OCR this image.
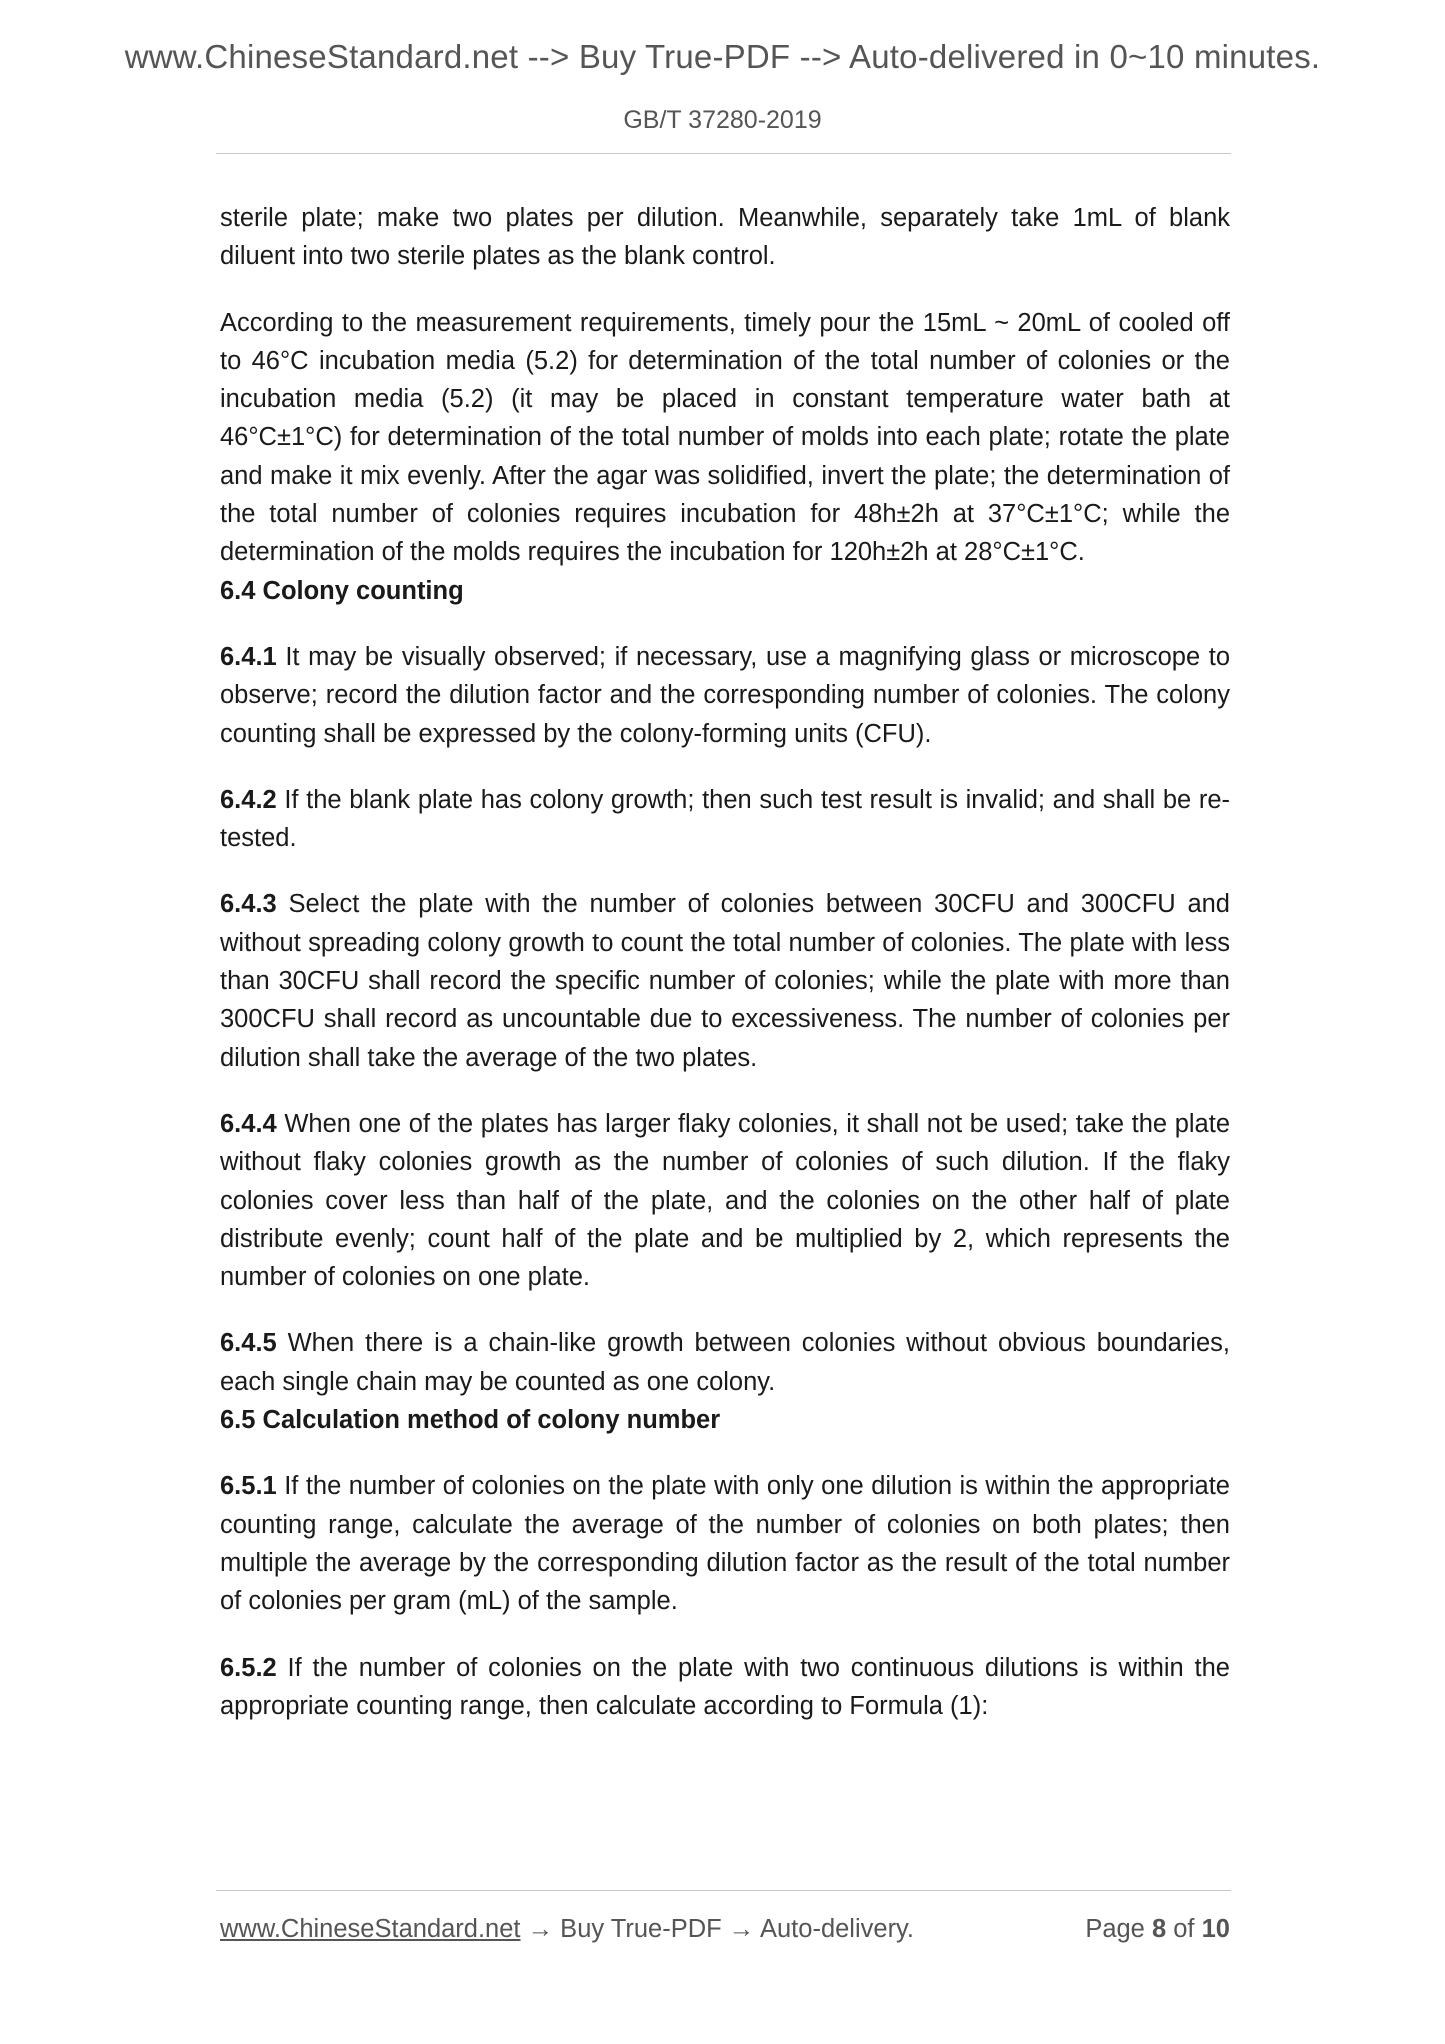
www.ChineseStandard.net --> Buy True-PDF --> Auto-delivered in 0~10 minutes.
GB/T 37280-2019

sterile plate; make two plates per dilution. Meanwhile, separately take 1mL of blank diluent into two sterile plates as the blank control.

According to the measurement requirements, timely pour the 15mL ~ 20mL of cooled off to 46°C incubation media (5.2) for determination of the total number of colonies or the incubation media (5.2) (it may be placed in constant temperature water bath at 46°C±1°C) for determination of the total number of molds into each plate; rotate the plate and make it mix evenly. After the agar was solidified, invert the plate; the determination of the total number of colonies requires incubation for 48h±2h at 37°C±1°C; while the determination of the molds requires the incubation for 120h±2h at 28°C±1°C.

6.4 Colony counting

6.4.1 It may be visually observed; if necessary, use a magnifying glass or microscope to observe; record the dilution factor and the corresponding number of colonies. The colony counting shall be expressed by the colony-forming units (CFU).

6.4.2 If the blank plate has colony growth; then such test result is invalid; and shall be re-tested.

6.4.3 Select the plate with the number of colonies between 30CFU and 300CFU and without spreading colony growth to count the total number of colonies. The plate with less than 30CFU shall record the specific number of colonies; while the plate with more than 300CFU shall record as uncountable due to excessiveness. The number of colonies per dilution shall take the average of the two plates.

6.4.4 When one of the plates has larger flaky colonies, it shall not be used; take the plate without flaky colonies growth as the number of colonies of such dilution. If the flaky colonies cover less than half of the plate, and the colonies on the other half of plate distribute evenly; count half of the plate and be multiplied by 2, which represents the number of colonies on one plate.

6.4.5 When there is a chain-like growth between colonies without obvious boundaries, each single chain may be counted as one colony.

6.5 Calculation method of colony number

6.5.1 If the number of colonies on the plate with only one dilution is within the appropriate counting range, calculate the average of the number of colonies on both plates; then multiple the average by the corresponding dilution factor as the result of the total number of colonies per gram (mL) of the sample.

6.5.2 If the number of colonies on the plate with two continuous dilutions is within the appropriate counting range, then calculate according to Formula (1):

www.ChineseStandard.net → Buy True-PDF → Auto-delivery.	Page 8 of 10
